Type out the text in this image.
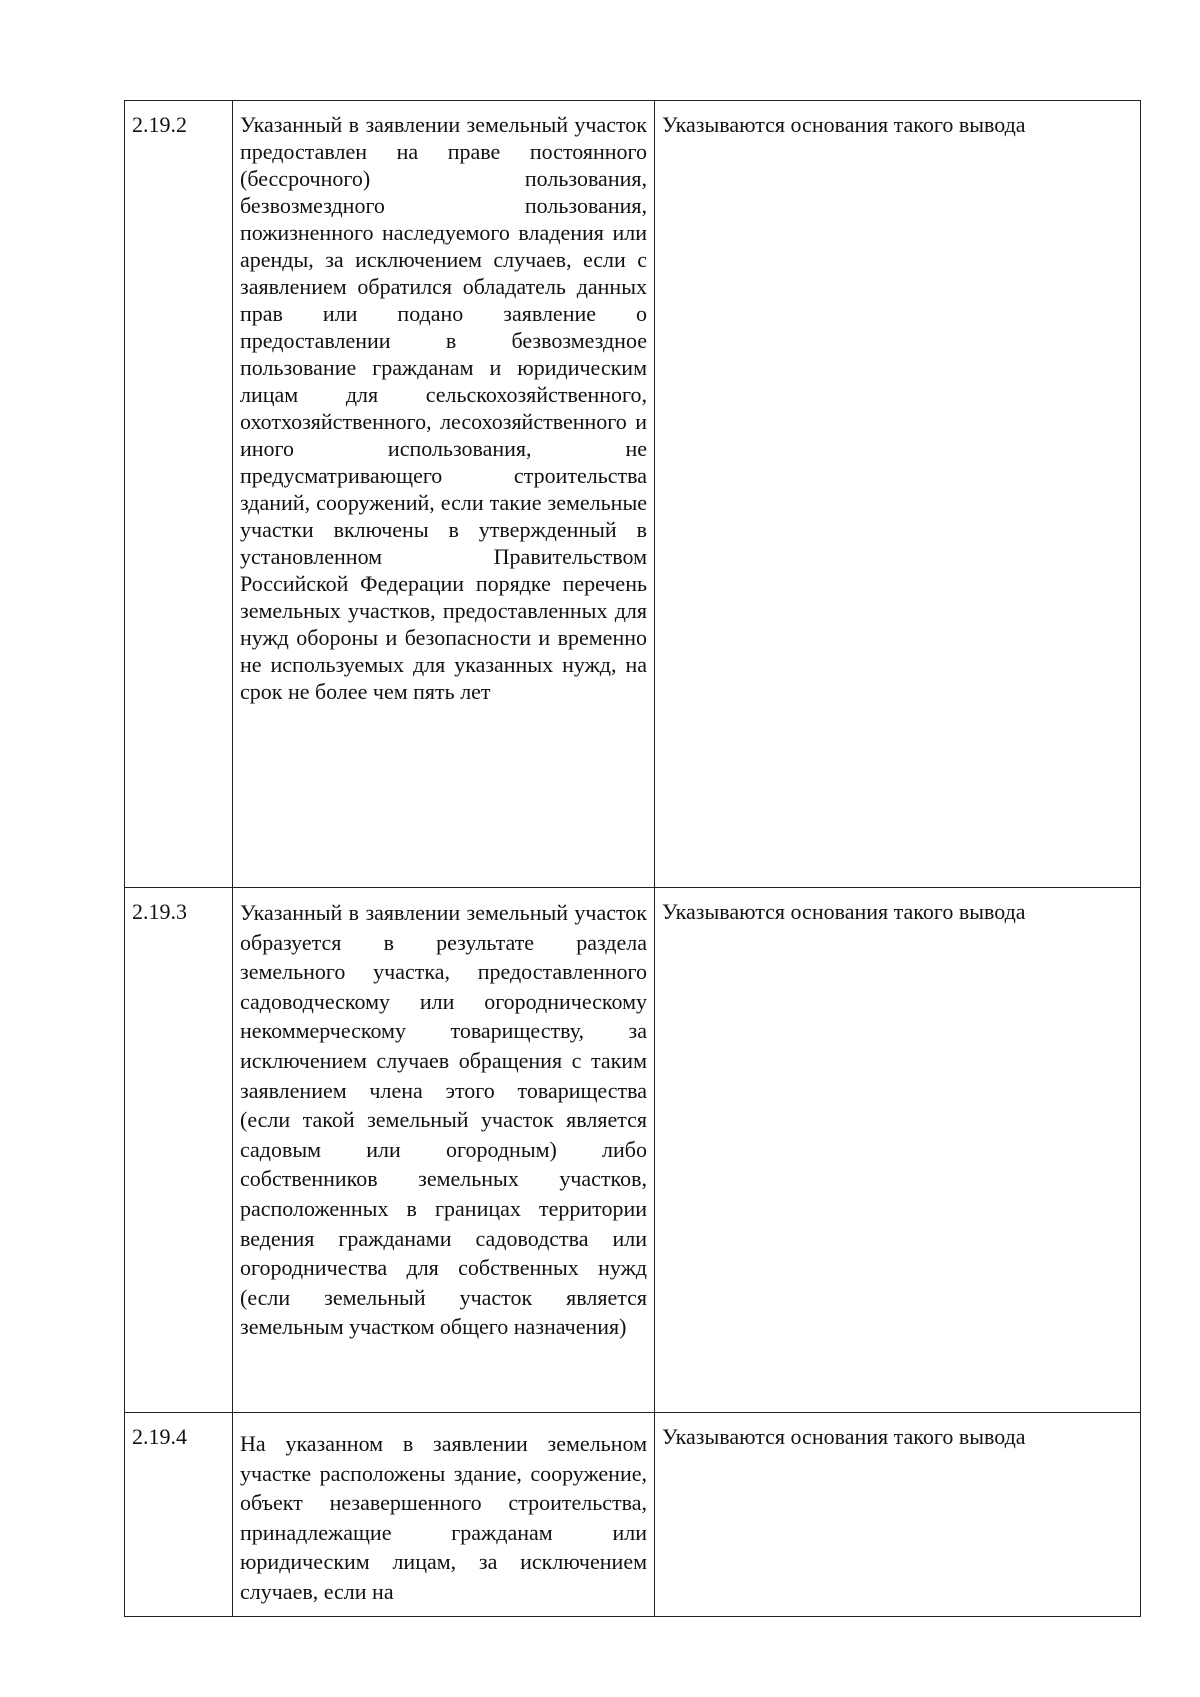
2.19.2	Указанный в заявлении земельный участок предоставлен на праве постоянного (бессрочного) пользования, безвозмездного пользования, пожизненного наследуемого владения или аренды, за исключением случаев, если с заявлением обратился обладатель данных прав или подано заявление о предоставлении в безвозмездное пользование гражданам и юридическим лицам для сельскохозяйственного, охотхозяйственного, лесохозяйственного и иного использования, не предусматривающего строительства зданий, сооружений, если такие земельные участки включены в утвержденный в установленном Правительством Российской Федерации порядке перечень земельных участков, предоставленных для нужд обороны и безопасности и временно не используемых для указанных нужд, на срок не более чем пять лет	Указываются основания такого вывода
2.19.3	Указанный в заявлении земельный участок образуется в результате раздела земельного участка, предоставленного садоводческому или огородническому некоммерческому товариществу, за исключением случаев обращения с таким заявлением члена этого товарищества (если такой земельный участок является садовым или огородным) либо собственников земельных участков, расположенных в границах территории ведения гражданами садоводства или огородничества для собственных нужд (если земельный участок является земельным участком общего назначения)	Указываются основания такого вывода
2.19.4	На указанном в заявлении земельном участке расположены здание, сооружение, объект незавершенного строительства, принадлежащие гражданам или юридическим лицам, за исключением случаев, если на	Указываются основания такого вывода
